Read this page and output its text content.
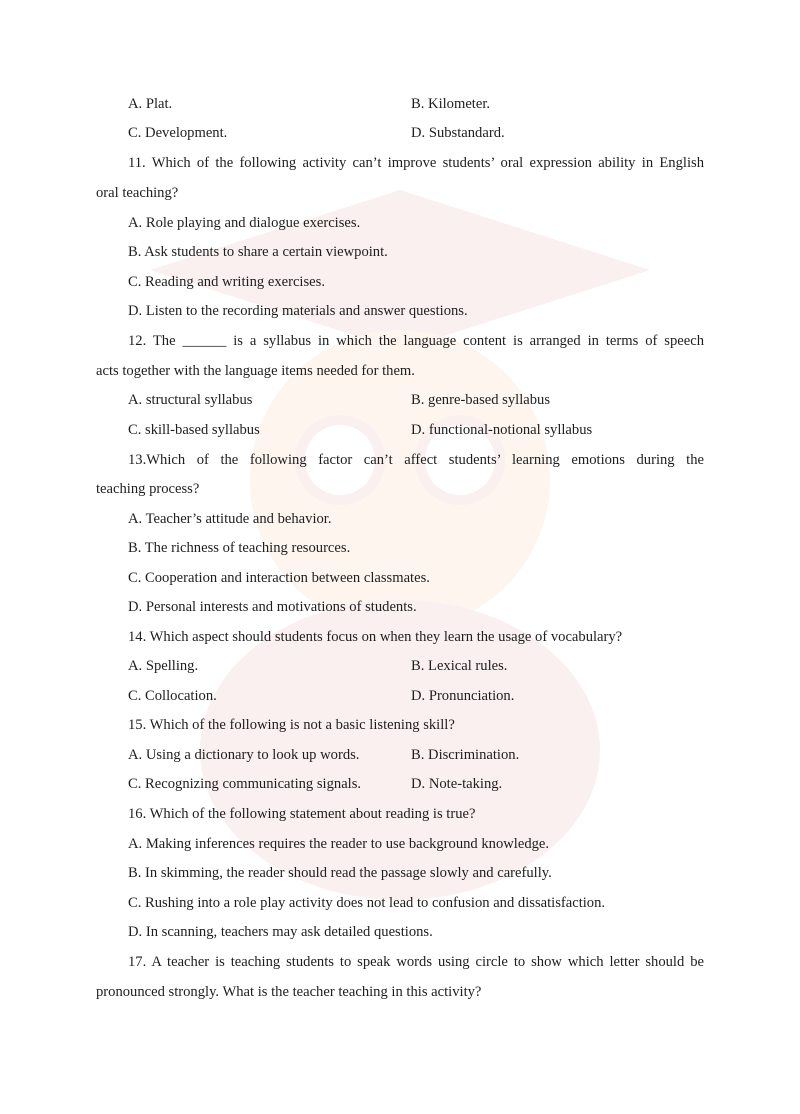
A. Plat.	B. Kilometer.
C. Development.	D. Substandard.
11. Which of the following activity can’t improve students’ oral expression ability in English
oral teaching?
A. Role playing and dialogue exercises.
B. Ask students to share a certain viewpoint.
C. Reading and writing exercises.
D. Listen to the recording materials and answer questions.
12. The ______ is a syllabus in which the language content is arranged in terms of speech
acts together with the language items needed for them.
A. structural syllabus	B. genre-based syllabus
C. skill-based syllabus	D. functional-notional syllabus
13.Which of the following factor can’t affect students’ learning emotions during the
teaching process?
A. Teacher’s attitude and behavior.
B. The richness of teaching resources.
C. Cooperation and interaction between classmates.
D. Personal interests and motivations of students.
14. Which aspect should students focus on when they learn the usage of vocabulary?
A. Spelling.	B. Lexical rules.
C. Collocation.	D. Pronunciation.
15. Which of the following is not a basic listening skill?
A. Using a dictionary to look up words.	B. Discrimination.
C. Recognizing communicating signals.	D. Note-taking.
16. Which of the following statement about reading is true?
A. Making inferences requires the reader to use background knowledge.
B. In skimming, the reader should read the passage slowly and carefully.
C. Rushing into a role play activity does not lead to confusion and dissatisfaction.
D. In scanning, teachers may ask detailed questions.
17. A teacher is teaching students to speak words using circle to show which letter should be
pronounced strongly. What is the teacher teaching in this activity?
